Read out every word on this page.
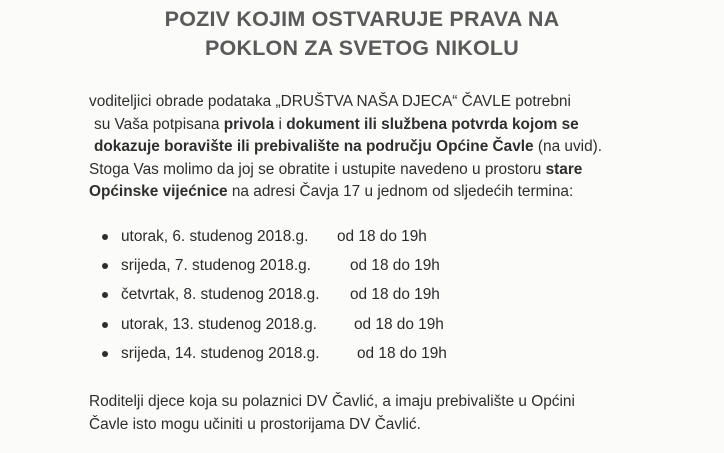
POZIV KOJIM OSTVARUJE PRAVA NA
POKLON ZA SVETOG NIKOLU
voditeljici obrade podataka „DRUŠTVA NAŠA DJECA“ ČAVLE potrebni
su Vaša potpisana privola i dokument ili službena potvrda kojom se
dokazuje boravište ili prebivalište na području Općine Čavle (na uvid).
Stoga Vas molimo da joj se obratite i ustupite navedeno u prostoru stare
Općinske vijećnice na adresi Čavja 17 u jednom od sljedećih termina:
utorak, 6. studenog 2018.g. od 18 do 19h
srijeda, 7. studenog 2018.g.	od 18 do 19h
četvrtak, 8. studenog 2018.g. od 18 do 19h
utorak, 13. studenog 2018.g. od 18 do 19h
srijeda, 14. studenog 2018.g. od 18 do 19h
Roditelji djece koja su polaznici DV Čavlić, a imaju prebivalište u Općini
Čavle isto mogu učiniti u prostorijama DV Čavlić.
